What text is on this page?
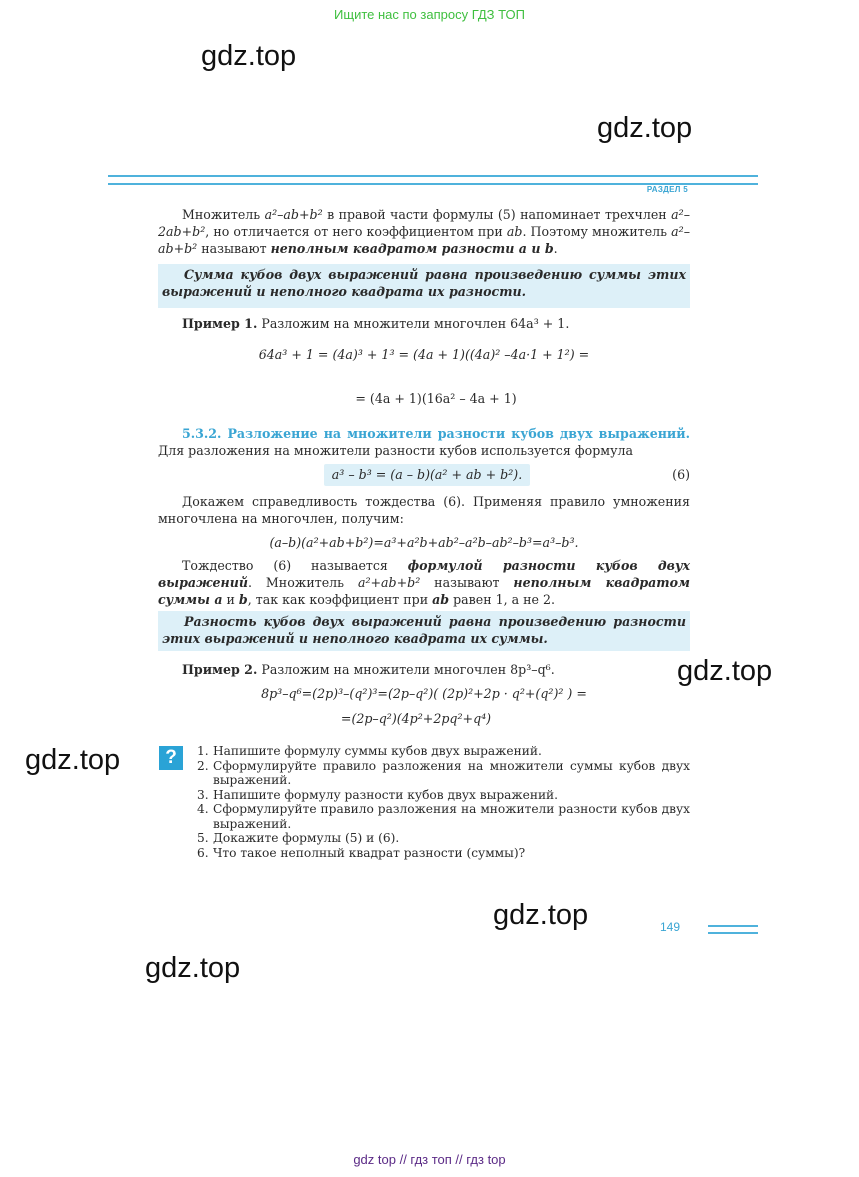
Ищите нас по запросу ГДЗ ТОП
gdz.top
gdz.top
РАЗДЕЛ 5
Множитель a²–ab+b² в правой части формулы (5) напоминает трехчлен a²–2ab+b², но отличается от него коэффициентом при ab. Поэтому множитель a²–ab+b² называют неполным квадратом разности a и b.
Сумма кубов двух выражений равна произведению суммы этих выражений и неполного квадрата их разности.
Пример 1. Разложим на множители многочлен 64a³ + 1.
64a³ + 1 = (4a)³ + 1³ = (4a + 1)((4a)² –4a·1 + 1²) =
= (4a + 1)(16a² – 4a + 1)
5.3.2. Разложение на множители разности кубов двух выражений. Для разложения на множители разности кубов используется формула
a³ – b³ = (a – b)(a² + ab + b²).	(6)
Докажем справедливость тождества (6). Применяя правило умножения многочлена на многочлен, получим:
(a–b)(a²+ab+b²)=a³+a²b+ab²–a²b–ab²–b³=a³–b³.
Тождество (6) называется формулой разности кубов двух выражений. Множитель a²+ab+b² называют неполным квадратом суммы a и b, так как коэффициент при ab равен 1, а не 2.
Разность кубов двух выражений равна произведению разности этих выражений и неполного квадрата их суммы.
Пример 2. Разложим на множители многочлен 8p³–q⁶.
8p³–q⁶=(2p)³–(q²)³=(2p–q²)( (2p)²+2p · q²+(q²)² ) =
=(2p–q²)(4p²+2pq²+q⁴)
gdz.top
gdz.top	?	1. Напишите формулу суммы кубов двух выражений.
2. Сформулируйте правило разложения на множители суммы кубов двух выражений.
3. Напишите формулу разности кубов двух выражений.
4. Сформулируйте правило разложения на множители разности кубов двух выражений.
5. Докажите формулы (5) и (6).
6. Что такое неполный квадрат разности (суммы)?
gdz.top	149
gdz.top
gdz top // гдз топ // гдз top
